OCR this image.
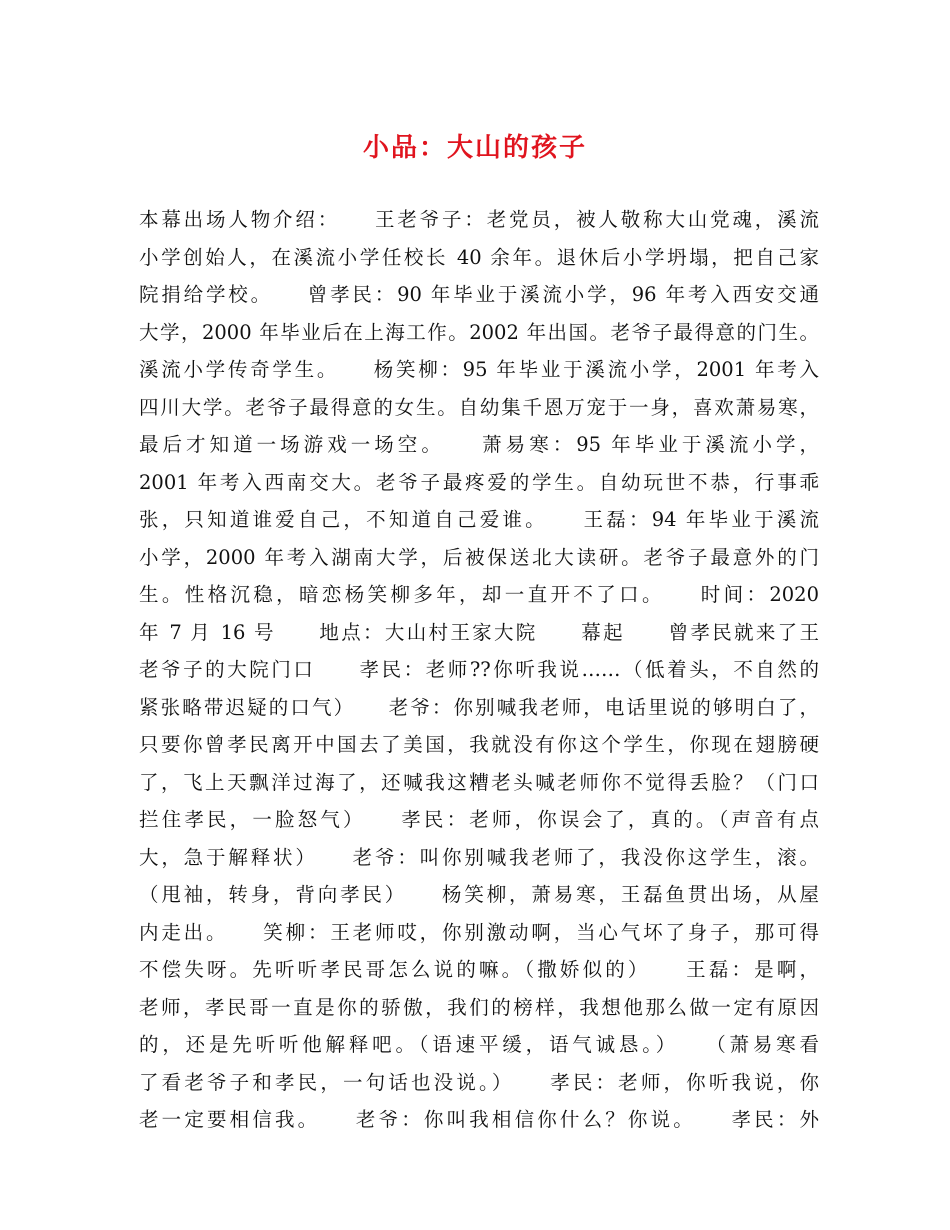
小品：大山的孩子
本幕出场人物介绍：　　王老爷子：老党员，被人敬称大山党魂，溪流
小学创始人，在溪流小学任校长 40 余年。退休后小学坍塌，把自己家
院捐给学校。　　曾孝民：90 年毕业于溪流小学，96 年考入西安交通
大学，2000 年毕业后在上海工作。2002 年出国。老爷子最得意的门生。
溪流小学传奇学生。　　杨笑柳：95 年毕业于溪流小学，2001 年考入
四川大学。老爷子最得意的女生。自幼集千恩万宠于一身，喜欢萧易寒，
最后才知道一场游戏一场空。　　萧易寒：95 年毕业于溪流小学，
2001 年考入西南交大。老爷子最疼爱的学生。自幼玩世不恭，行事乖
张，只知道谁爱自己，不知道自己爱谁。　　王磊：94 年毕业于溪流
小学，2000 年考入湖南大学，后被保送北大读研。老爷子最意外的门
生。性格沉稳，暗恋杨笑柳多年，却一直开不了口。　　时间：2020
年 7 月 16 号　　地点：大山村王家大院　　幕起　　曾孝民就来了王
老爷子的大院门口　　孝民：老师??你听我说……（低着头，不自然的
紧张略带迟疑的口气）　　老爷：你别喊我老师，电话里说的够明白了，
只要你曾孝民离开中国去了美国，我就没有你这个学生，你现在翅膀硬
了，飞上天飘洋过海了，还喊我这糟老头喊老师你不觉得丢脸？（门口
拦住孝民，一脸怒气）　　孝民：老师，你误会了，真的。（声音有点
大，急于解释状）　　老爷：叫你别喊我老师了，我没你这学生，滚。
（甩袖，转身，背向孝民）　　杨笑柳，萧易寒，王磊鱼贯出场，从屋
内走出。　　笑柳：王老师哎，你别激动啊，当心气坏了身子，那可得
不偿失呀。先听听孝民哥怎么说的嘛。（撒娇似的）　　王磊：是啊，
老师，孝民哥一直是你的骄傲，我们的榜样，我想他那么做一定有原因
的，还是先听听他解释吧。（语速平缓，语气诚恳。）　　（萧易寒看
了看老爷子和孝民，一句话也没说。）　　孝民：老师，你听我说，你
老一定要相信我。　　老爷：你叫我相信你什么？你说。　　孝民：外
